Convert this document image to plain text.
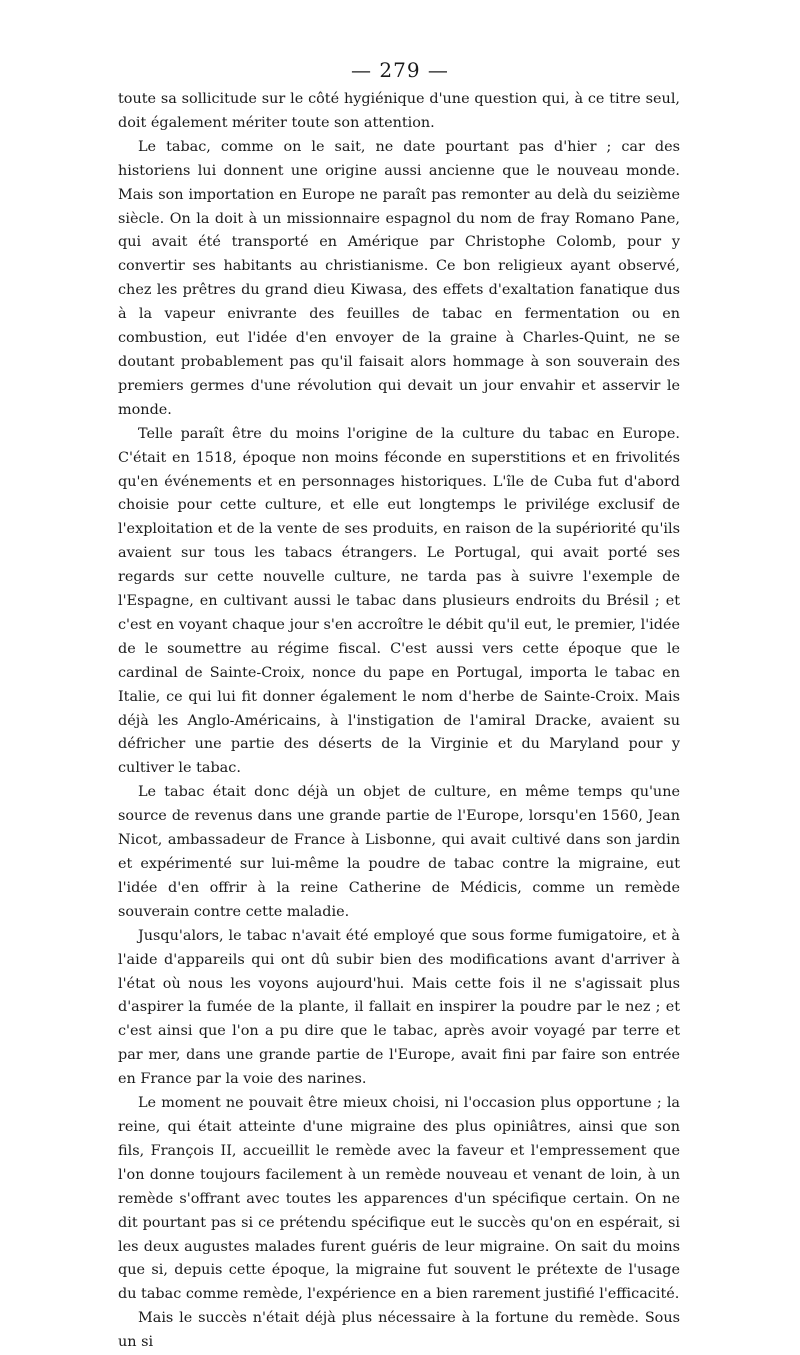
— 279 —

toute sa sollicitude sur le côté hygiénique d'une question qui, à ce titre seul, doit également mériter toute son attention.

Le tabac, comme on le sait, ne date pourtant pas d'hier ; car des historiens lui donnent une origine aussi ancienne que le nouveau monde. Mais son importation en Europe ne paraît pas remonter au delà du seizième siècle. On la doit à un missionnaire espagnol du nom de fray Romano Pane, qui avait été transporté en Amérique par Christophe Colomb, pour y convertir ses habitants au christianisme. Ce bon religieux ayant observé, chez les prêtres du grand dieu Kiwasa, des effets d'exaltation fanatique dus à la vapeur enivrante des feuilles de tabac en fermentation ou en combustion, eut l'idée d'en envoyer de la graine à Charles-Quint, ne se doutant probablement pas qu'il faisait alors hommage à son souverain des premiers germes d'une révolution qui devait un jour envahir et asservir le monde.

Telle paraît être du moins l'origine de la culture du tabac en Europe. C'était en 1518, époque non moins féconde en superstitions et en frivolités qu'en événements et en personnages historiques. L'île de Cuba fut d'abord choisie pour cette culture, et elle eut longtemps le privilége exclusif de l'exploitation et de la vente de ses produits, en raison de la supériorité qu'ils avaient sur tous les tabacs étrangers. Le Portugal, qui avait porté ses regards sur cette nouvelle culture, ne tarda pas à suivre l'exemple de l'Espagne, en cultivant aussi le tabac dans plusieurs endroits du Brésil ; et c'est en voyant chaque jour s'en accroître le débit qu'il eut, le premier, l'idée de le soumettre au régime fiscal. C'est aussi vers cette époque que le cardinal de Sainte-Croix, nonce du pape en Portugal, importa le tabac en Italie, ce qui lui fit donner également le nom d'herbe de Sainte-Croix. Mais déjà les Anglo-Américains, à l'instigation de l'amiral Dracke, avaient su défricher une partie des déserts de la Virginie et du Maryland pour y cultiver le tabac.

Le tabac était donc déjà un objet de culture, en même temps qu'une source de revenus dans une grande partie de l'Europe, lorsqu'en 1560, Jean Nicot, ambassadeur de France à Lisbonne, qui avait cultivé dans son jardin et expérimenté sur lui-même la poudre de tabac contre la migraine, eut l'idée d'en offrir à la reine Catherine de Médicis, comme un remède souverain contre cette maladie.

Jusqu'alors, le tabac n'avait été employé que sous forme fumigatoire, et à l'aide d'appareils qui ont dû subir bien des modifications avant d'arriver à l'état où nous les voyons aujourd'hui. Mais cette fois il ne s'agissait plus d'aspirer la fumée de la plante, il fallait en inspirer la poudre par le nez ; et c'est ainsi que l'on a pu dire que le tabac, après avoir voyagé par terre et par mer, dans une grande partie de l'Europe, avait fini par faire son entrée en France par la voie des narines.

Le moment ne pouvait être mieux choisi, ni l'occasion plus opportune ; la reine, qui était atteinte d'une migraine des plus opiniâtres, ainsi que son fils, François II, accueillit le remède avec la faveur et l'empressement que l'on donne toujours facilement à un remède nouveau et venant de loin, à un remède s'offrant avec toutes les apparences d'un spécifique certain. On ne dit pourtant pas si ce prétendu spécifique eut le succès qu'on en espérait, si les deux augustes malades furent guéris de leur migraine. On sait du moins que si, depuis cette époque, la migraine fut souvent le prétexte de l'usage du tabac comme remède, l'expérience en a bien rarement justifié l'efficacité.

Mais le succès n'était déjà plus nécessaire à la fortune du remède. Sous un si
